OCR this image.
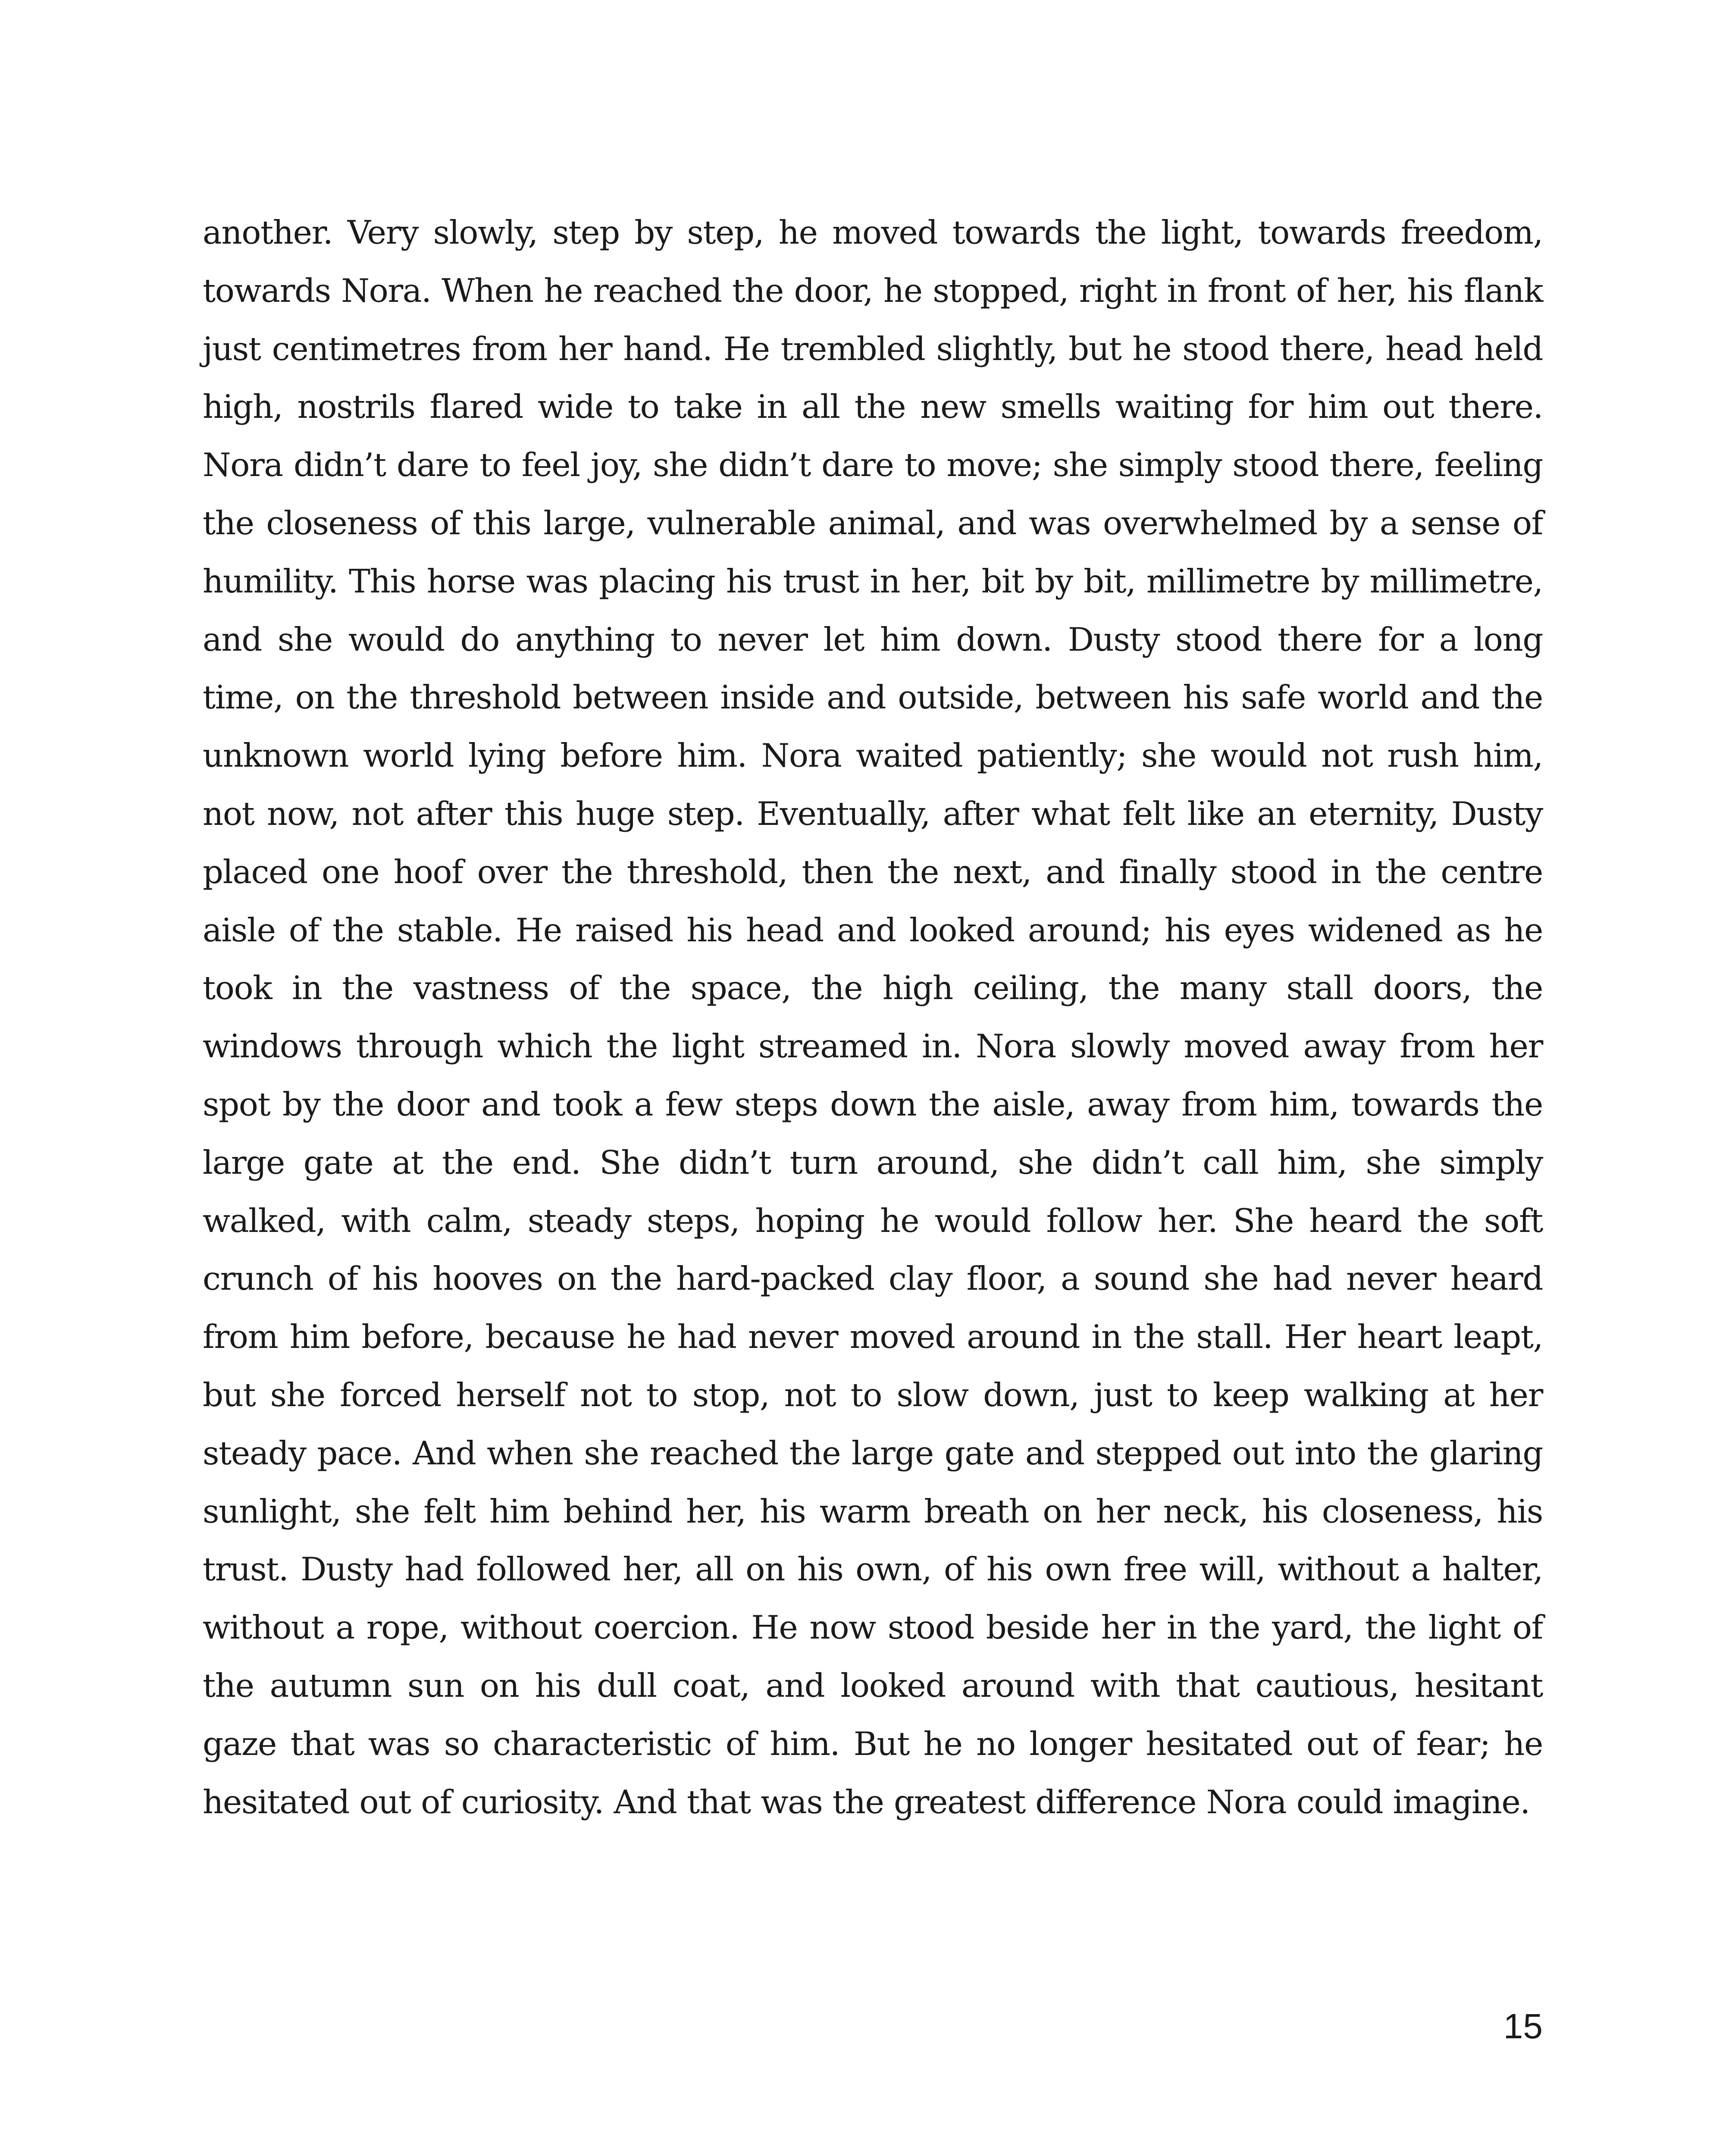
another. Very slowly, step by step, he moved towards the light, towards freedom, towards Nora. When he reached the door, he stopped, right in front of her, his flank just centimetres from her hand. He trembled slightly, but he stood there, head held high, nostrils flared wide to take in all the new smells waiting for him out there. Nora didn’t dare to feel joy, she didn’t dare to move; she simply stood there, feeling the closeness of this large, vulnerable animal, and was overwhelmed by a sense of humility. This horse was placing his trust in her, bit by bit, millimetre by millimetre, and she would do anything to never let him down. Dusty stood there for a long time, on the threshold between inside and outside, between his safe world and the unknown world lying before him. Nora waited patiently; she would not rush him, not now, not after this huge step. Eventually, after what felt like an eternity, Dusty placed one hoof over the threshold, then the next, and finally stood in the centre aisle of the stable. He raised his head and looked around; his eyes widened as he took in the vastness of the space, the high ceiling, the many stall doors, the windows through which the light streamed in. Nora slowly moved away from her spot by the door and took a few steps down the aisle, away from him, towards the large gate at the end. She didn’t turn around, she didn’t call him, she simply walked, with calm, steady steps, hoping he would follow her. She heard the soft crunch of his hooves on the hard-packed clay floor, a sound she had never heard from him before, because he had never moved around in the stall. Her heart leapt, but she forced herself not to stop, not to slow down, just to keep walking at her steady pace. And when she reached the large gate and stepped out into the glaring sunlight, she felt him behind her, his warm breath on her neck, his closeness, his trust. Dusty had followed her, all on his own, of his own free will, without a halter, without a rope, without coercion. He now stood beside her in the yard, the light of the autumn sun on his dull coat, and looked around with that cautious, hesitant gaze that was so characteristic of him. But he no longer hesitated out of fear; he hesitated out of curiosity. And that was the greatest difference Nora could imagine.

15
